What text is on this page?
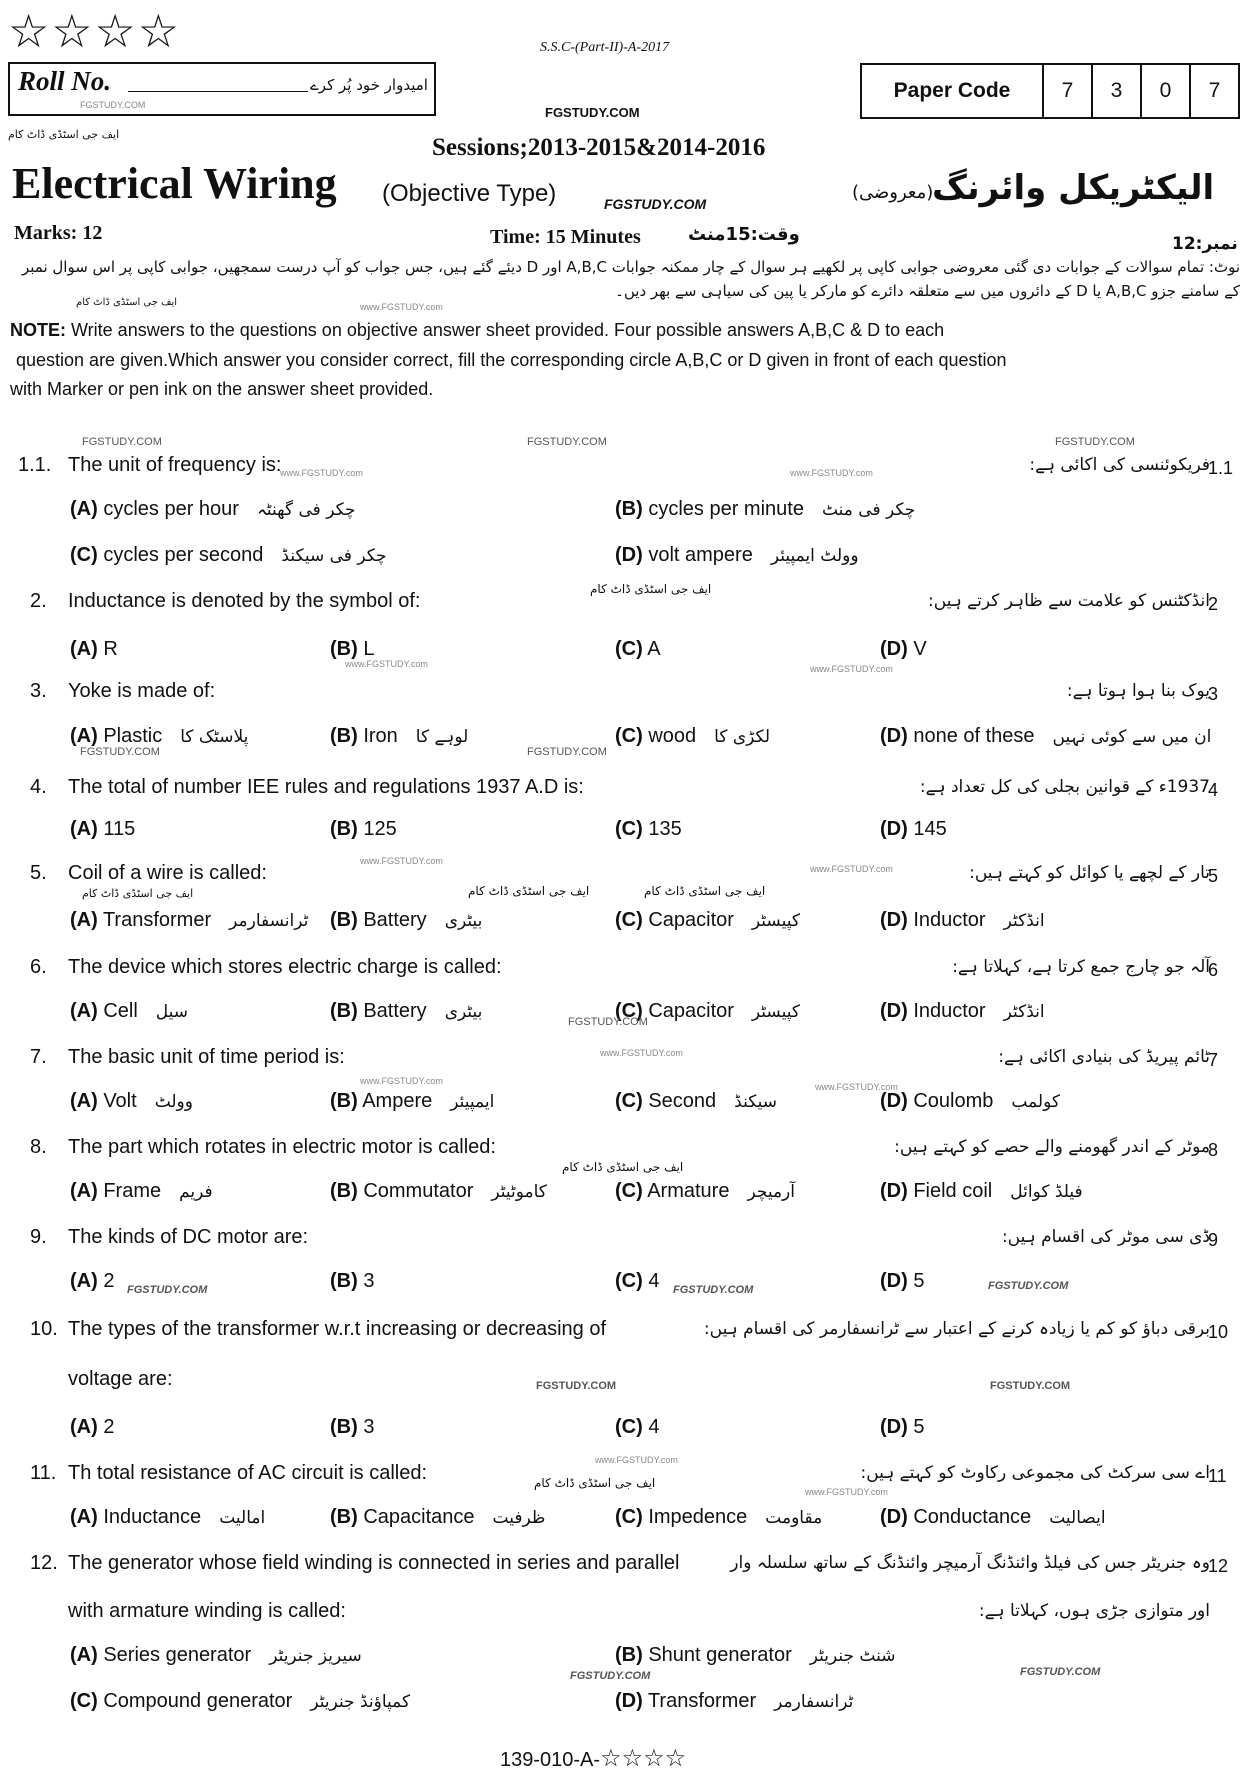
☆☆☆☆	S.S.C-(Part-II)-A-2017
Roll No.	امیدوار خود پُر کرے
FGSTUDY.COM	FGSTUDY.COM
Paper Code	7	3	0	7
ایف جی اسٹڈی ڈاٹ کام	Sessions;2013-2015&2014-2016
Electrical Wiring (Objective Type)	FGSTUDY.COM	الیکٹریکل وائرنگ
(معروضی)
Marks: 12	Time: 15 Minutes	وقت:15منٹ	نمبر:12
نوٹ: تمام سوالات کے جوابات دی گئی معروضی جوابی کاپی پر لکھیے ہر سوال کے چار ممکنہ جوابات A,B,C اور D دیئے گئے ہیں، جس جواب کو آپ درست سمجھیں، جوابی کاپی پر اس سوال نمبر
کے سامنے جزو A,B,C یا D کے دائروں میں سے متعلقہ دائرے کو مارکر یا پین کی سیاہی سے بھر دیں۔
ایف جی اسٹڈی ڈاٹ کام	www.FGSTUDY.com
NOTE: Write answers to the questions on objective answer sheet provided. Four possible answers A,B,C & D to each
question are given.Which answer you consider correct, fill the corresponding circle A,B,C or D given in front of each question
with Marker or pen ink on the answer sheet provided.
1.1. The unit of frequency is:	فریکوئنسی کی اکائی ہے:
1.1
(A) cycles per hour چکر فی گھنٹہ	(B) cycles per minute چکر فی منٹ
(C) cycles per second چکر فی سیکنڈ	(D) volt ampere وولٹ ایمپیئر
2. Inductance is denoted by the symbol of:	انڈکٹنس کو علامت سے ظاہر کرتے ہیں:
2
(A) R	(B) L	(C) A	(D) V
3. Yoke is made of:	یوک بنا ہوا ہوتا ہے:
3
(A) Plastic پلاسٹک کا	(B) Iron لوہے کا	(C) wood لکڑی کا	(D) none of these ان میں سے کوئی نہیں
4. The total of number IEE rules and regulations 1937 A.D is:	1937ء کے قوانین بجلی کی کل تعداد ہے:
4
(A) 115	(B) 125	(C) 135	(D) 145
5. Coil of a wire is called:	تار کے لچھے یا کوائل کو کہتے ہیں:
5
(A) Transformer ٹرانسفارمر (B) Battery بیٹری	(C) Capacitor کپیسٹر	(D) Inductor انڈکٹر
6. The device which stores electric charge is called:	آلہ جو چارج جمع کرتا ہے، کہلاتا ہے:
6
(A) Cell سیل	(B) Battery بیٹری	(C) Capacitor کپیسٹر	(D) Inductor انڈکٹر
7. The basic unit of time period is:	ٹائم پیریڈ کی بنیادی اکائی ہے:
7
(A) Volt وولٹ	(B) Ampere ایمپیئر	(C) Second سیکنڈ	(D) Coulomb کولمب
8. The part which rotates in electric motor is called:	موٹر کے اندر گھومنے والے حصے کو کہتے ہیں:
8
(A) Frame فریم	(B) Commutator کاموٹیٹر	(C) Armature آرمیچر	(D) Field coil فیلڈ کوائل
9. The kinds of DC motor are:	ڈی سی موٹر کی اقسام ہیں:
9
(A) 2	(B) 3	(C) 4	(D) 5
10. The types of the transformer w.r.t increasing or decreasing of
voltage are:
برقی دباؤ کو کم یا زیادہ کرنے کے اعتبار سے ٹرانسفارمر کی اقسام ہیں:
10
(A) 2	(B) 3	(C) 4	(D) 5
11. Th total resistance of AC circuit is called:	اے سی سرکٹ کی مجموعی رکاوٹ کو کہتے ہیں:
11
(A) Inductance امالیت	(B) Capacitance ظرفیت	(C) Impedence مقاومت	(D) Conductance ایصالیت
12. The generator whose field winding is connected in series and parallel
with armature winding is called:
وہ جنریٹر جس کی فیلڈ وائنڈنگ آرمیچر وائنڈنگ کے ساتھ سلسلہ وار
اور متوازی جڑی ہوں، کہلاتا ہے:
12
(A) Series generator سیریز جنریٹر	(B) Shunt generator شنٹ جنریٹر
(C) Compound generator کمپاؤنڈ جنریٹر	(D) Transformer ٹرانسفارمر
FGSTUDY.COM	FGSTUDY.COM	FGSTUDY.COM
www.FGSTUDY.com	www.FGSTUDY.com
ایف جی اسٹڈی ڈاٹ کام
www.FGSTUDY.com	www.FGSTUDY.com
FGSTUDY.COM	FGSTUDY.COM
www.FGSTUDY.com
www.FGSTUDY.com
ایف جی اسٹڈی ڈاٹ کام	ایف جی اسٹڈی ڈاٹ کام	ایف جی اسٹڈی ڈاٹ کام
FGSTUDY.COM
www.FGSTUDY.com
www.FGSTUDY.com
www.FGSTUDY.com
ایف جی اسٹڈی ڈاٹ کام
FGSTUDY.COM	FGSTUDY.COM	FGSTUDY.COM
FGSTUDY.COM	FGSTUDY.COM
www.FGSTUDY.com
www.FGSTUDY.com
ایف جی اسٹڈی ڈاٹ کام
FGSTUDY.COM	FGSTUDY.COM
139-010-A-☆☆☆☆
